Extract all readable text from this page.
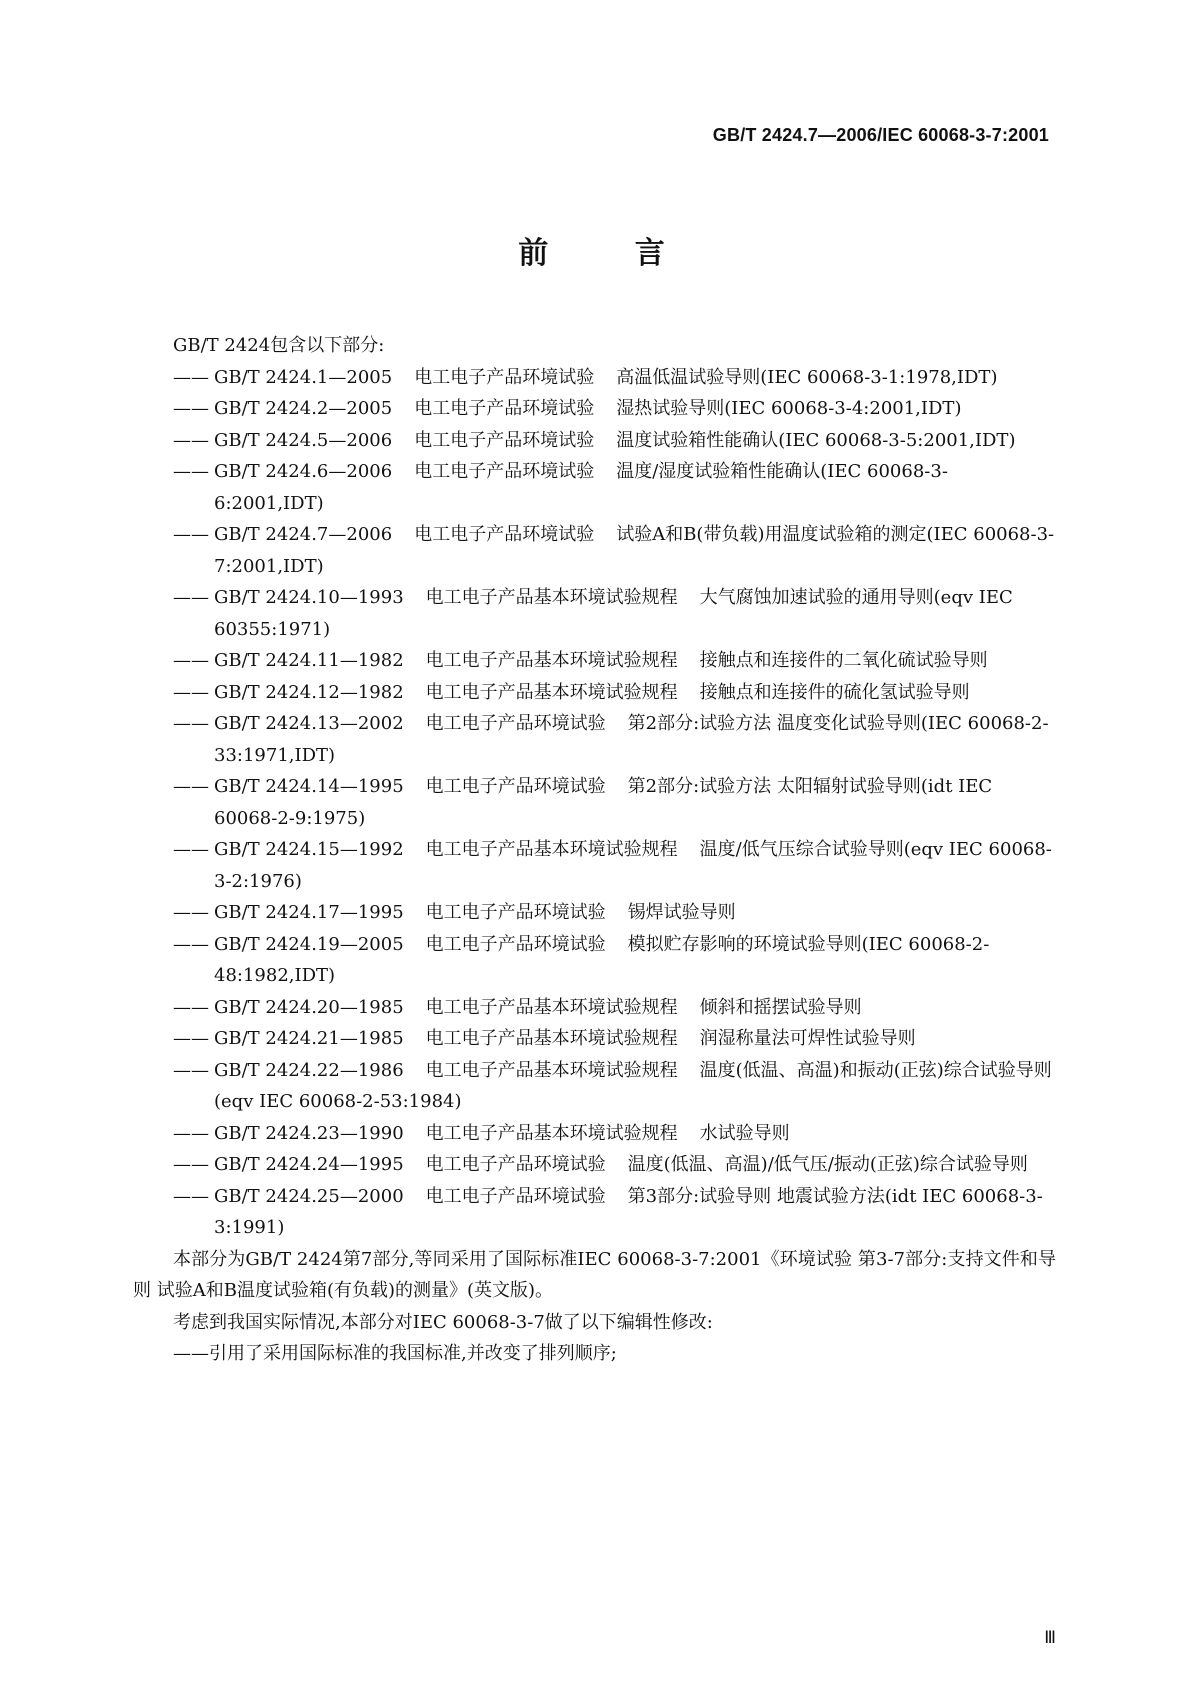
GB/T 2424.7—2006/IEC 60068-3-7:2001
前 言
GB/T 2424包含以下部分:
—— GB/T 2424.1—2005 电工电子产品环境试验 高温低温试验导则(IEC 60068-3-1:1978,IDT)
—— GB/T 2424.2—2005 电工电子产品环境试验 湿热试验导则(IEC 60068-3-4:2001,IDT)
—— GB/T 2424.5—2006 电工电子产品环境试验 温度试验箱性能确认(IEC 60068-3-5:2001,IDT)
—— GB/T 2424.6—2006 电工电子产品环境试验 温度/湿度试验箱性能确认(IEC 60068-3-6:2001,IDT)
—— GB/T 2424.7—2006 电工电子产品环境试验 试验A和B(带负载)用温度试验箱的测定(IEC 60068-3-7:2001,IDT)
—— GB/T 2424.10—1993 电工电子产品基本环境试验规程 大气腐蚀加速试验的通用导则(eqv IEC 60355:1971)
—— GB/T 2424.11—1982 电工电子产品基本环境试验规程 接触点和连接件的二氧化硫试验导则
—— GB/T 2424.12—1982 电工电子产品基本环境试验规程 接触点和连接件的硫化氢试验导则
—— GB/T 2424.13—2002 电工电子产品环境试验 第2部分:试验方法 温度变化试验导则(IEC 60068-2-33:1971,IDT)
—— GB/T 2424.14—1995 电工电子产品环境试验 第2部分:试验方法 太阳辐射试验导则(idt IEC 60068-2-9:1975)
—— GB/T 2424.15—1992 电工电子产品基本环境试验规程 温度/低气压综合试验导则(eqv IEC 60068-3-2:1976)
—— GB/T 2424.17—1995 电工电子产品环境试验 锡焊试验导则
—— GB/T 2424.19—2005 电工电子产品环境试验 模拟贮存影响的环境试验导则(IEC 60068-2-48:1982,IDT)
—— GB/T 2424.20—1985 电工电子产品基本环境试验规程 倾斜和摇摆试验导则
—— GB/T 2424.21—1985 电工电子产品基本环境试验规程 润湿称量法可焊性试验导则
—— GB/T 2424.22—1986 电工电子产品基本环境试验规程 温度(低温、高温)和振动(正弦)综合试验导则(eqv IEC 60068-2-53:1984)
—— GB/T 2424.23—1990 电工电子产品基本环境试验规程 水试验导则
—— GB/T 2424.24—1995 电工电子产品环境试验 温度(低温、高温)/低气压/振动(正弦)综合试验导则
—— GB/T 2424.25—2000 电工电子产品环境试验 第3部分:试验导则 地震试验方法(idt IEC 60068-3-3:1991)
本部分为GB/T 2424第7部分,等同采用了国际标准IEC 60068-3-7:2001《环境试验 第3-7部分:支持文件和导则 试验A和B温度试验箱(有负载)的测量》(英文版)。
考虑到我国实际情况,本部分对IEC 60068-3-7做了以下编辑性修改:
——引用了采用国际标准的我国标准,并改变了排列顺序;
Ⅲ
